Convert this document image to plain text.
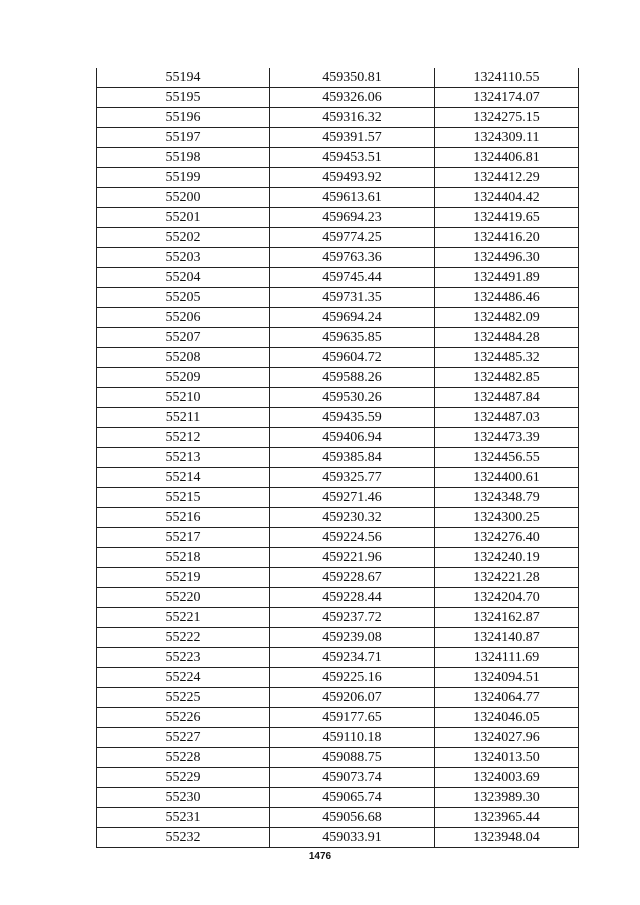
55194	459350.81	1324110.55
55195	459326.06	1324174.07
55196	459316.32	1324275.15
55197	459391.57	1324309.11
55198	459453.51	1324406.81
55199	459493.92	1324412.29
55200	459613.61	1324404.42
55201	459694.23	1324419.65
55202	459774.25	1324416.20
55203	459763.36	1324496.30
55204	459745.44	1324491.89
55205	459731.35	1324486.46
55206	459694.24	1324482.09
55207	459635.85	1324484.28
55208	459604.72	1324485.32
55209	459588.26	1324482.85
55210	459530.26	1324487.84
55211	459435.59	1324487.03
55212	459406.94	1324473.39
55213	459385.84	1324456.55
55214	459325.77	1324400.61
55215	459271.46	1324348.79
55216	459230.32	1324300.25
55217	459224.56	1324276.40
55218	459221.96	1324240.19
55219	459228.67	1324221.28
55220	459228.44	1324204.70
55221	459237.72	1324162.87
55222	459239.08	1324140.87
55223	459234.71	1324111.69
55224	459225.16	1324094.51
55225	459206.07	1324064.77
55226	459177.65	1324046.05
55227	459110.18	1324027.96
55228	459088.75	1324013.50
55229	459073.74	1324003.69
55230	459065.74	1323989.30
55231	459056.68	1323965.44
55232	459033.91	1323948.04
1476
